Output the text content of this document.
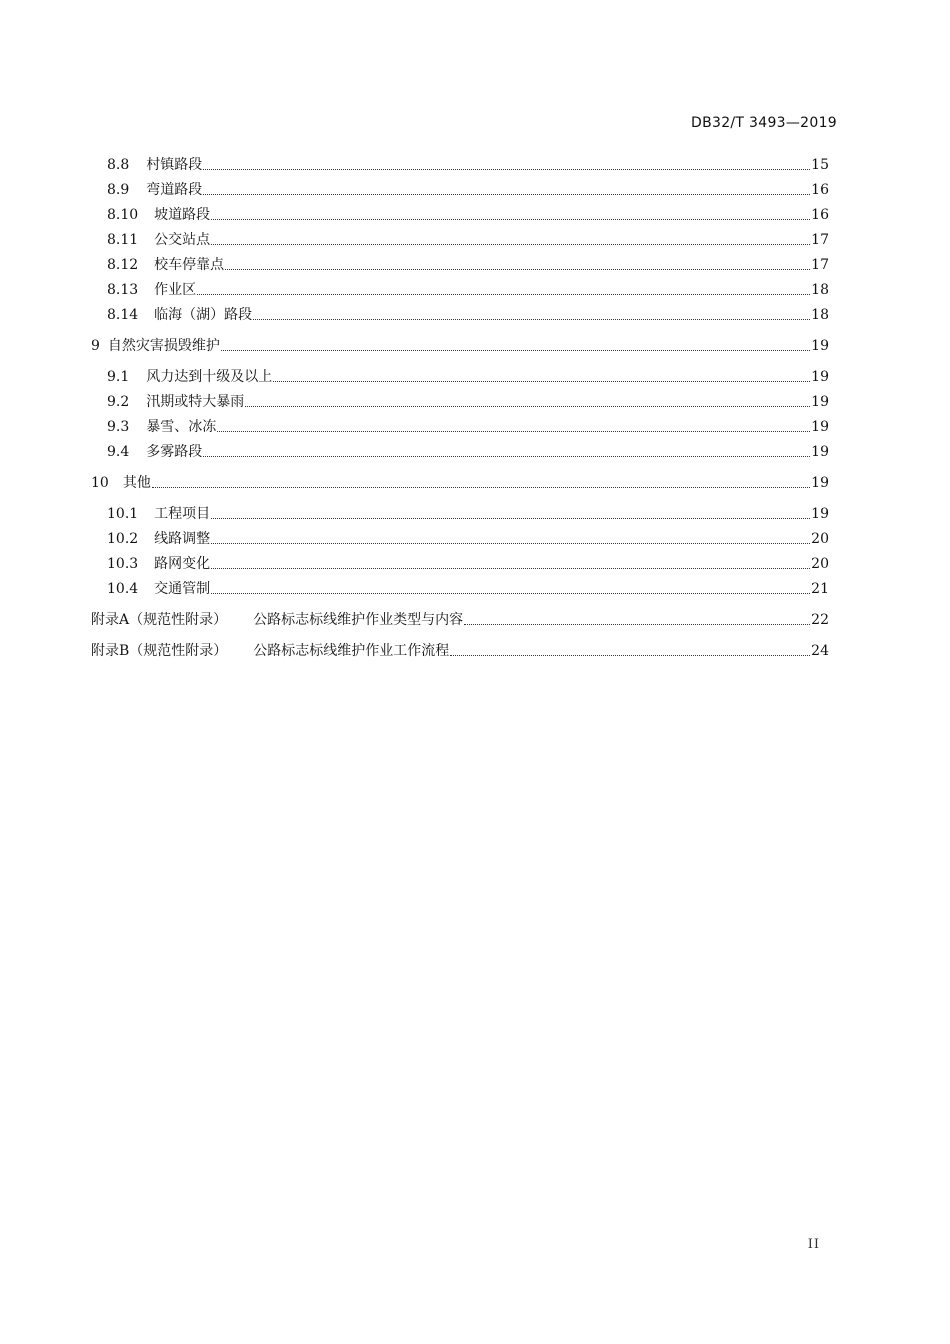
DB32/T 3493—2019
8.8 村镇路段	15
8.9 弯道路段	16
8.10 坡道路段	16
8.11 公交站点	17
8.12 校车停靠点	17
8.13 作业区	18
8.14 临海（湖）路段	18
9 自然灾害损毁维护	19
9.1 风力达到十级及以上	19
9.2 汛期或特大暴雨	19
9.3 暴雪、冰冻	19
9.4 多雾路段	19
10 其他	19
10.1 工程项目	19
10.2 线路调整	20
10.3 路网变化	20
10.4 交通管制	21
附录A（规范性附录） 公路标志标线维护作业类型与内容	22
附录B（规范性附录） 公路标志标线维护作业工作流程	24
II
